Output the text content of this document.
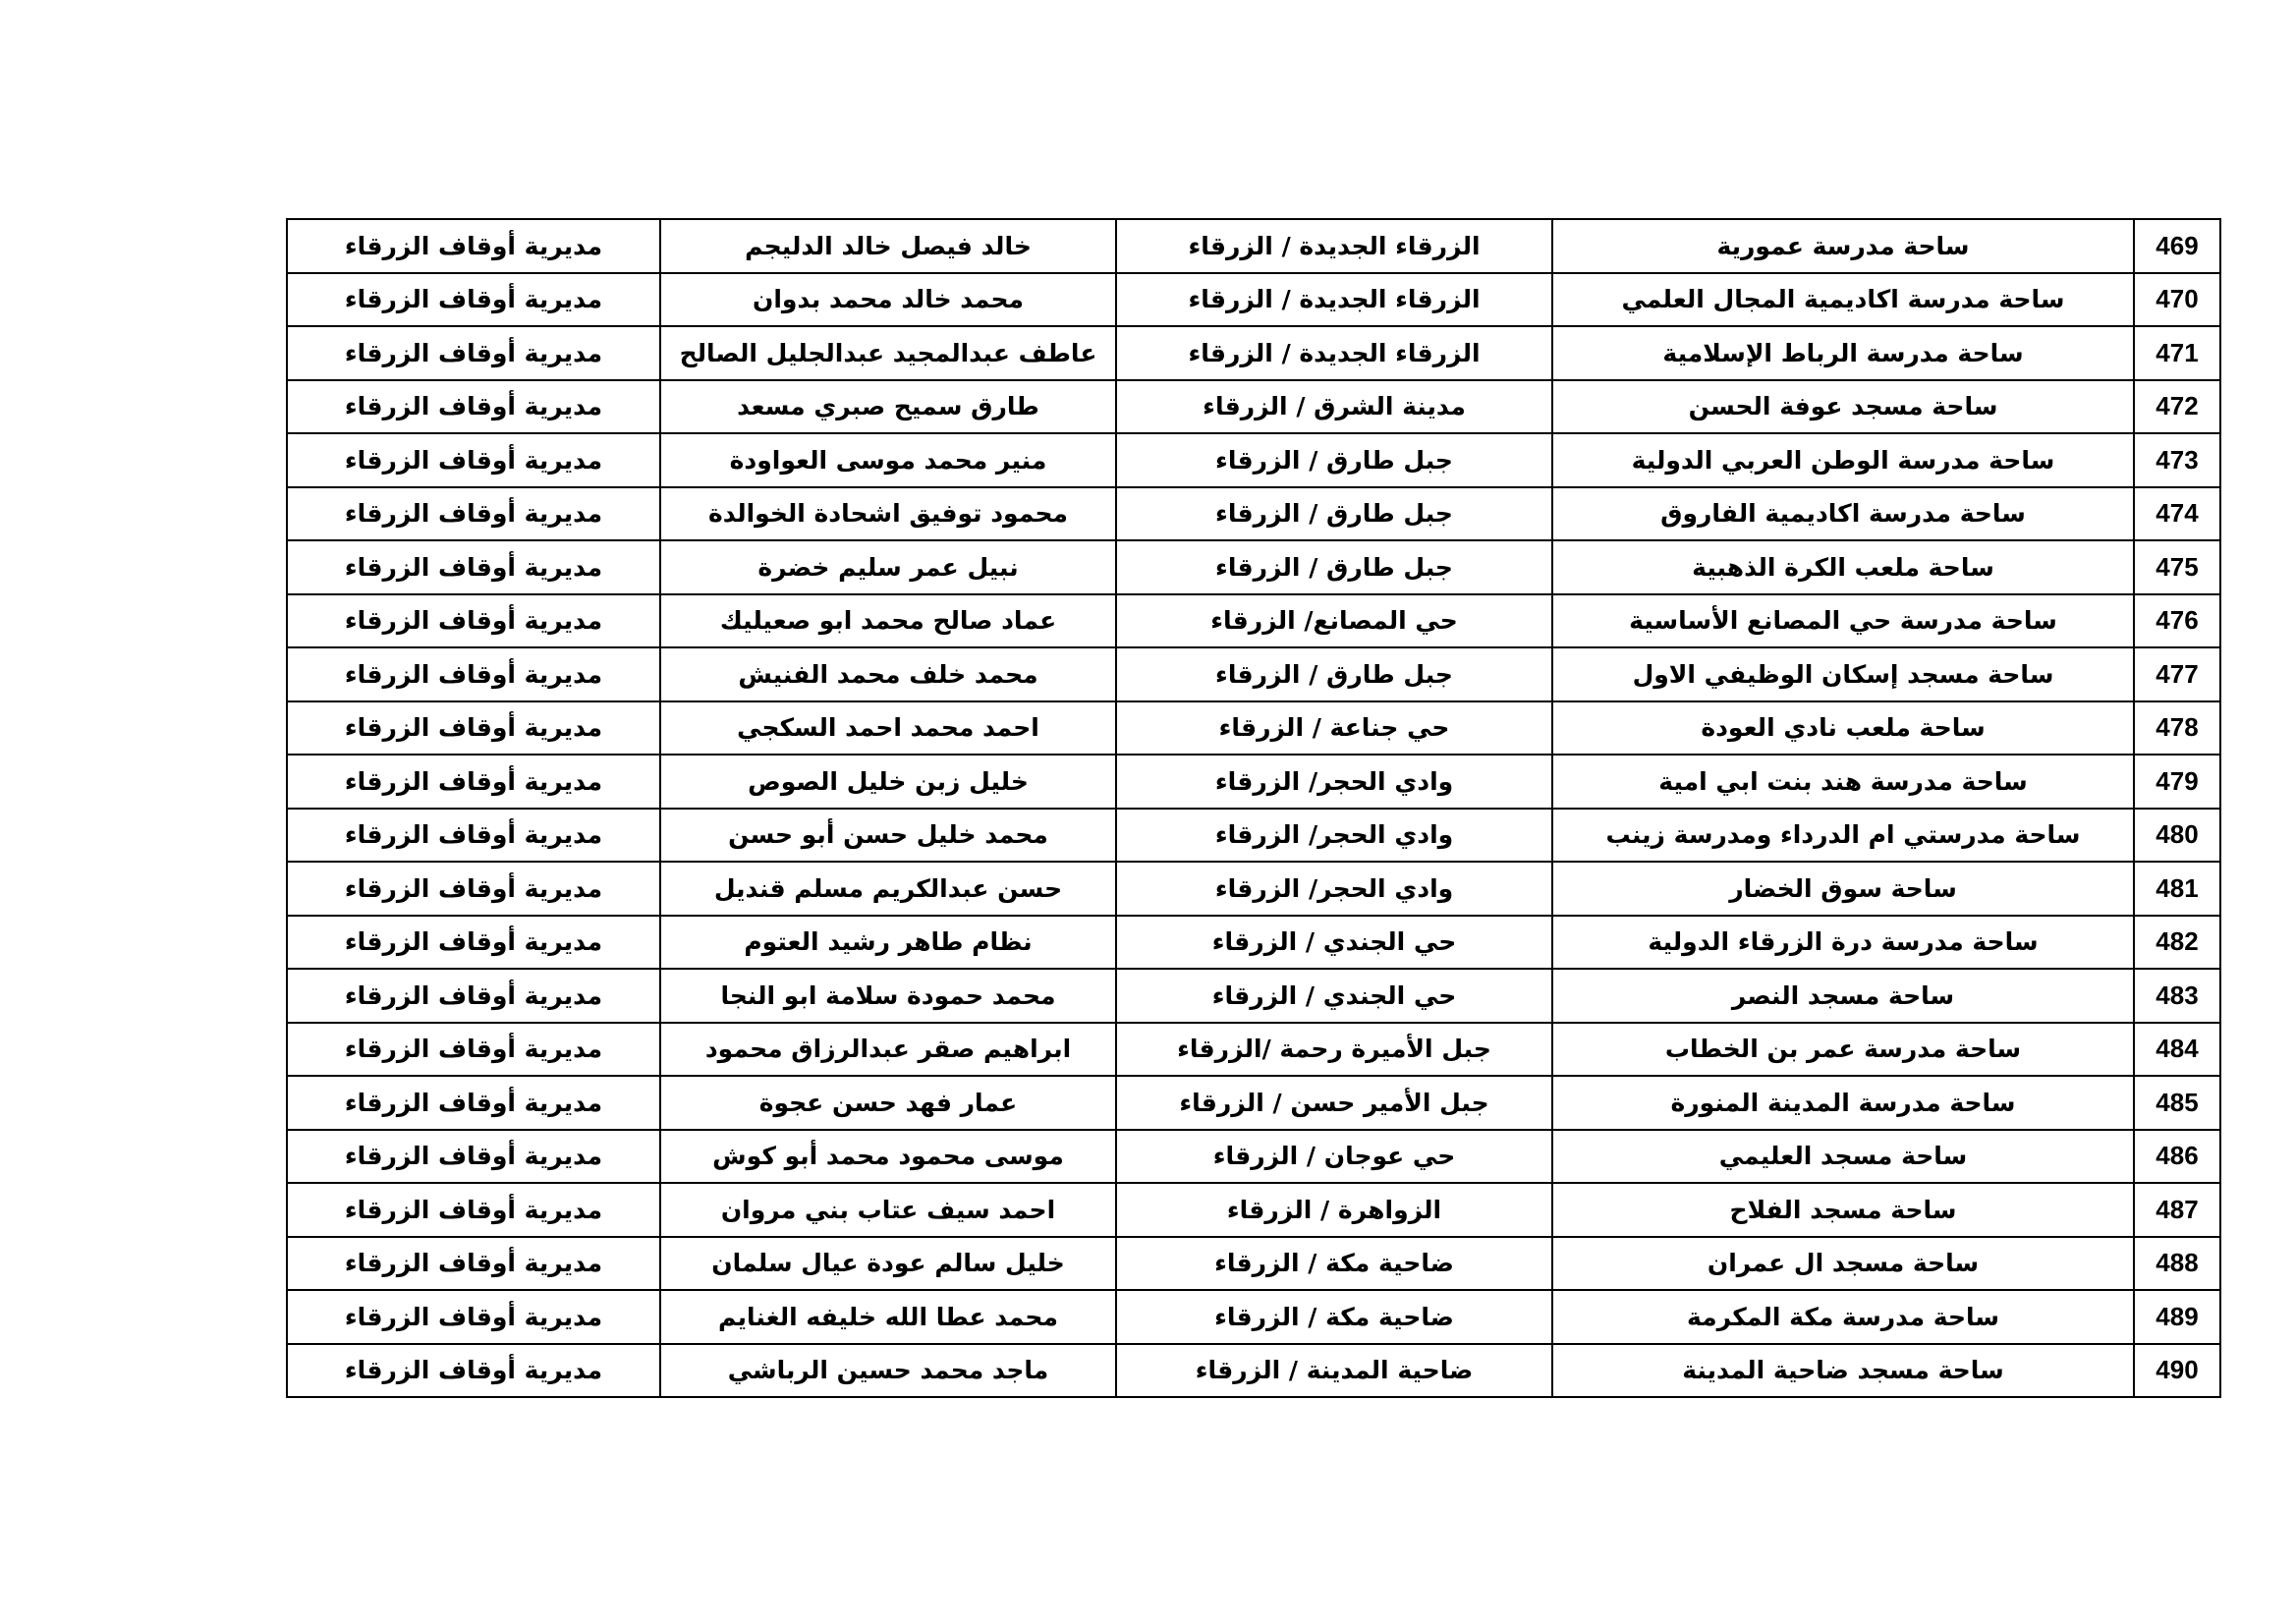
469	ساحة مدرسة عمورية	الزرقاء الجديدة / الزرقاء	خالد فيصل خالد الدليجم	مديرية أوقاف الزرقاء
470	ساحة مدرسة اكاديمية المجال العلمي	الزرقاء الجديدة / الزرقاء	محمد خالد محمد بدوان	مديرية أوقاف الزرقاء
471	ساحة مدرسة الرباط الإسلامية	الزرقاء الجديدة / الزرقاء	عاطف عبدالمجيد عبدالجليل الصالح	مديرية أوقاف الزرقاء
472	ساحة مسجد عوفة الحسن	مدينة الشرق / الزرقاء	طارق سميح صبري مسعد	مديرية أوقاف الزرقاء
473	ساحة مدرسة الوطن العربي الدولية	جبل طارق / الزرقاء	منير محمد موسى العواودة	مديرية أوقاف الزرقاء
474	ساحة مدرسة اكاديمية الفاروق	جبل طارق / الزرقاء	محمود توفيق اشحادة الخوالدة	مديرية أوقاف الزرقاء
475	ساحة ملعب الكرة الذهبية	جبل طارق / الزرقاء	نبيل عمر سليم خضرة	مديرية أوقاف الزرقاء
476	ساحة مدرسة حي المصانع الأساسية	حي المصانع/ الزرقاء	عماد صالح محمد ابو صعيليك	مديرية أوقاف الزرقاء
477	ساحة مسجد إسكان الوظيفي الاول	جبل طارق / الزرقاء	محمد خلف محمد الفنيش	مديرية أوقاف الزرقاء
478	ساحة ملعب نادي العودة	حي جناعة / الزرقاء	احمد محمد احمد السكجي	مديرية أوقاف الزرقاء
479	ساحة مدرسة هند بنت ابي امية	وادي الحجر/ الزرقاء	خليل زبن خليل الصوص	مديرية أوقاف الزرقاء
480	ساحة مدرستي ام الدرداء ومدرسة زينب	وادي الحجر/ الزرقاء	محمد خليل حسن أبو حسن	مديرية أوقاف الزرقاء
481	ساحة سوق الخضار	وادي الحجر/ الزرقاء	حسن عبدالكريم مسلم قنديل	مديرية أوقاف الزرقاء
482	ساحة مدرسة درة الزرقاء الدولية	حي الجندي / الزرقاء	نظام طاهر رشيد العتوم	مديرية أوقاف الزرقاء
483	ساحة مسجد النصر	حي الجندي / الزرقاء	محمد حمودة سلامة ابو النجا	مديرية أوقاف الزرقاء
484	ساحة مدرسة عمر بن الخطاب	جبل الأميرة رحمة /الزرقاء	ابراهيم صقر عبدالرزاق محمود	مديرية أوقاف الزرقاء
485	ساحة مدرسة المدينة المنورة	جبل الأمير حسن / الزرقاء	عمار فهد حسن عجوة	مديرية أوقاف الزرقاء
486	ساحة مسجد العليمي	حي عوجان / الزرقاء	موسى محمود محمد أبو كوش	مديرية أوقاف الزرقاء
487	ساحة مسجد الفلاح	الزواهرة / الزرقاء	احمد سيف عتاب بني مروان	مديرية أوقاف الزرقاء
488	ساحة مسجد ال عمران	ضاحية مكة / الزرقاء	خليل سالم عودة عيال سلمان	مديرية أوقاف الزرقاء
489	ساحة مدرسة مكة المكرمة	ضاحية مكة / الزرقاء	محمد عطا الله خليفه الغنايم	مديرية أوقاف الزرقاء
490	ساحة مسجد ضاحية المدينة	ضاحية المدينة / الزرقاء	ماجد محمد حسين الرباشي	مديرية أوقاف الزرقاء
